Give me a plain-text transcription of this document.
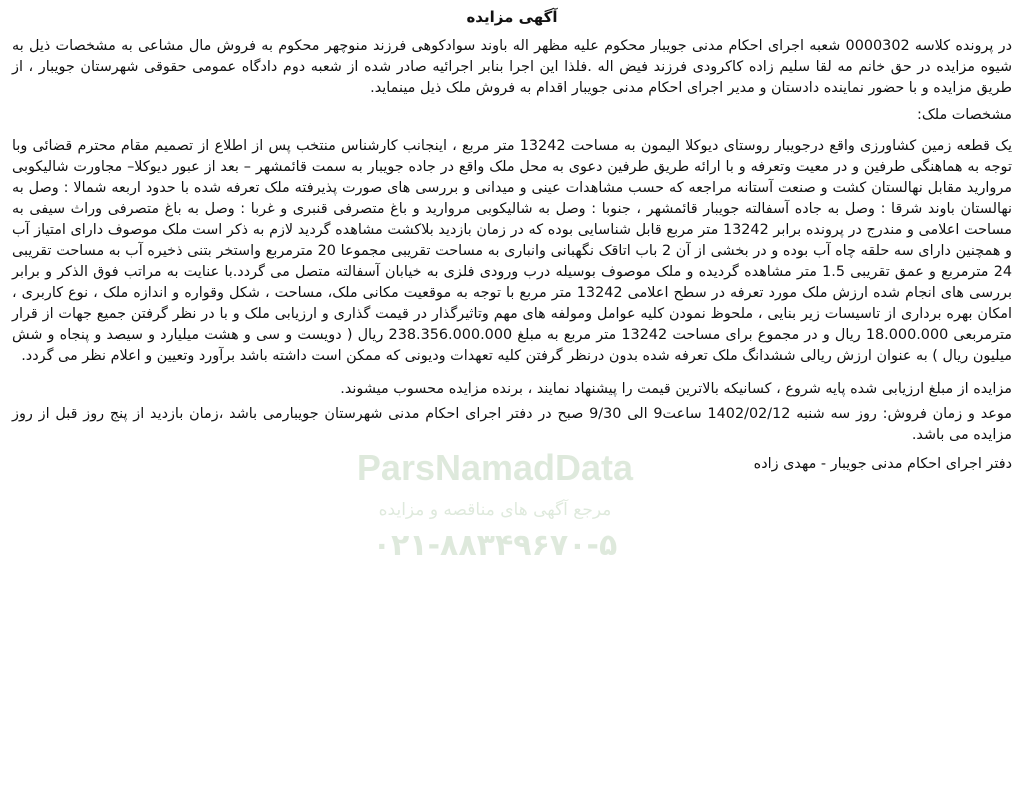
آگهی مزایده

در پرونده کلاسه 0000302 شعبه اجرای احکام مدنی جویبار محکوم علیه مظهر اله باوند سوادکوهی فرزند منوچهر محکوم به فروش مال مشاعی به مشخصات ذیل به شیوه مزایده در حق خانم مه لقا سلیم زاده کاکرودی فرزند فیض اله .فلذا این اجرا بنابر اجرائیه صادر شده از شعبه دوم دادگاه عمومی حقوقی شهرستان جویبار ، از طریق مزایده و با حضور نماینده دادستان و مدیر اجرای احکام مدنی جویبار اقدام به فروش ملک ذیل مینماید.

مشخصات ملک:

یک قطعه زمین کشاورزی واقع درجویبار روستای دیوکلا الیمون به مساحت 13242 متر مربع ، اینجانب کارشناس منتخب پس از اطلاع از تصمیم مقام محترم قضائی وبا توجه به هماهنگی طرفین و در معیت وتعرفه و با ارائه طریق طرفین دعوی به محل ملک واقع در جاده جویبار به سمت قائمشهر – بعد از عبور دیوکلا– مجاورت شالیکوبی مروارید مقابل نهالستان کشت و صنعت آستانه مراجعه که حسب مشاهدات عینی و میدانی و بررسی های صورت پذیرفته ملک تعرفه شده با حدود اربعه شمالا : وصل به نهالستان باوند شرقا : وصل به جاده آسفالته جویبار قائمشهر ، جنوبا : وصل به شالیکوبی مروارید و باغ متصرفی قنبری و غربا : وصل به باغ متصرفی وراث سیفی به مساحت اعلامی و مندرج در پرونده برابر 13242 متر مربع قابل شناسایی بوده که در زمان بازدید بلاکشت مشاهده گردید لازم به ذکر است ملک موصوف دارای امتیاز آب و همچنین دارای سه حلقه چاه آب بوده و در بخشی از آن 2 باب اتاقک نگهبانی وانباری به مساحت تقریبی مجموعا 20 مترمربع واستخر بتنی ذخیره آب به مساحت تقریبی 24 مترمربع و عمق تقریبی 1.5 متر مشاهده گردیده و ملک موصوف بوسیله درب ورودی فلزی به خیابان آسفالته متصل می گردد.با عنایت به مراتب فوق الذکر و برابر بررسی های انجام شده ارزش ملک مورد تعرفه در سطح اعلامی 13242 متر مربع با توجه به موقعیت مکانی ملک، مساحت ، شکل وقواره و اندازه ملک ، نوع کاربری ، امکان بهره برداری از تاسیسات زیر بنایی ، ملحوظ نمودن کلیه عوامل ومولفه های مهم وتاثیرگذار در قیمت گذاری و ارزیابی ملک و با در نظر گرفتن جمیع جهات از قرار مترمربعی 18.000.000 ریال و در مجموع برای مساحت 13242 متر مربع به مبلغ 238.356.000.000 ریال ( دویست و سی و هشت میلیارد و سیصد و پنجاه و شش میلیون ریال ) به عنوان ارزش ریالی ششدانگ ملک تعرفه شده بدون درنظر گرفتن کلیه تعهدات ودیونی که ممکن است داشته باشد برآورد وتعیین و اعلام نظر می گردد.

مزایده از مبلغ ارزیابی شده پایه شروع ، کسانیکه بالاترین قیمت را پیشنهاد نمایند ، برنده مزایده محسوب میشوند.

موعد و زمان فروش: روز سه شنبه 1402/02/12 ساعت9 الی 9/30 صبح در دفتر اجرای احکام مدنی شهرستان جویبارمی باشد ،زمان بازدید از پنج روز قبل از روز مزایده می باشد.

دفتر اجرای احکام مدنی جویبار - مهدی زاده
ParsNamadData
مرجع آگهی های مناقصه و مزایده
۰۲۱-۸۸۳۴۹۶۷۰-۵
